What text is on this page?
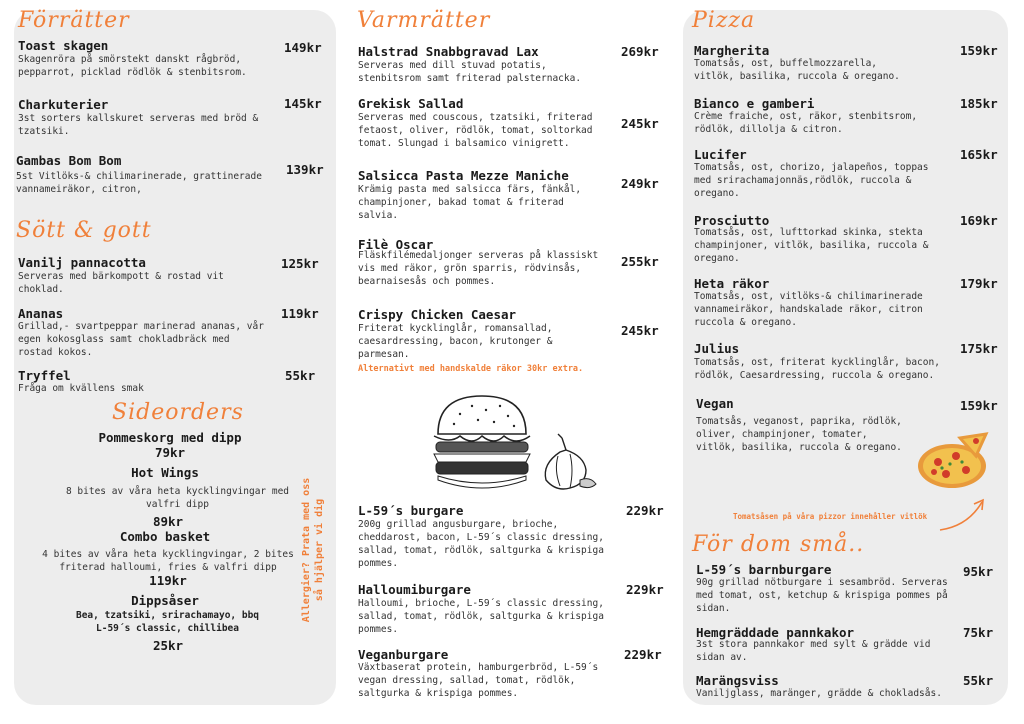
Förrätter
Toast skagen	149kr
Skagenröra på smörstekt danskt rågbröd, pepparrot, picklad rödlök & stenbitsrom.
Charkuterier	145kr
3st sorters kallskuret serveras med bröd & tzatsiki.
Gambas Bom Bom
139kr
5st Vitlöks-& chilimarinerade, grattinerade vannameiräkor, citron,
Sött & gott
Vanilj pannacotta	125kr
Serveras med bärkompott & rostad vit choklad.
Ananas	119kr
Grillad,- svartpeppar marinerad ananas, vår egen kokosglass samt chokladbräck med rostad kokos.
Tryffel	55kr
Fråga om kvällens smak
Sideorders
Pommeskorg med dipp
79kr
Hot Wings
8 bites av våra heta kycklingvingar med valfri dipp
89kr
Combo basket
4 bites av våra heta kycklingvingar, 2 bites friterad halloumi, fries & valfri dipp
119kr
Dippsåser
Bea, tzatsiki, srirachamayo, bbq
L-59´s classic, chillibea
25kr
Allergier? Prata med oss så hjälper vi dig
Varmrätter
Halstrad Snabbgravad Lax	269kr
Serveras med dill stuvad potatis, stenbitsrom samt friterad palsternacka.
Grekisk Sallad
245kr
Serveras med couscous, tzatsiki, friterad fetaost, oliver, rödlök, tomat, soltorkad tomat. Slungad i balsamico vinigrett.
Salsicca Pasta Mezze Maniche
249kr
Krämig pasta med salsicca färs, fänkål, champinjoner, bakad tomat & friterad salvia.
Filè Oscar
255kr
Fläskfilémedaljonger serveras på klassiskt vis med räkor, grön sparris, rödvinsås, bearnaisesås och pommes.
Crispy Chicken Caesar
245kr
Friterat kycklinglår, romansallad, caesardressing, bacon, krutonger & parmesan.
Alternativt med handskalde räkor 30kr extra.
L-59´s burgare	229kr
200g grillad angusburgare, brioche, cheddarost, bacon, L-59´s classic dressing, sallad, tomat, rödlök, saltgurka & krispiga pommes.
Halloumiburgare	229kr
Halloumi, brioche, L-59´s classic dressing, sallad, tomat, rödlök, saltgurka & krispiga pommes.
Veganburgare	229kr
Växtbaserat protein, hamburgerbröd, L-59´s vegan dressing, sallad, tomat, rödlök, saltgurka & krispiga pommes.
Pizza
Margherita	159kr
Tomatsås, ost, buffelmozzarella, vitlök, basilika, ruccola & oregano.
Bianco e gamberi	185kr
Crème fraiche, ost, räkor, stenbitsrom, rödlök, dillolja & citron.
Lucifer	165kr
Tomatsås, ost, chorizo, jalapeños, toppas med srirachamajonnäs,rödlök, ruccola & oregano.
Prosciutto	169kr
Tomatsås, ost, lufttorkad skinka, stekta champinjoner, vitlök, basilika, ruccola & oregano.
Heta räkor	179kr
Tomatsås, ost, vitlöks-& chilimarinerade vannameiräkor, handskalade räkor, citron ruccola & oregano.
Julius	175kr
Tomatsås, ost, friterat kycklinglår, bacon, rödlök, Caesardressing, ruccola & oregano.
Vegan	159kr
Tomatsås, veganost, paprika, rödlök, oliver, champinjoner, tomater, vitlök, basilika, ruccola & oregano.
Tomatsåsen på våra pizzor innehåller vitlök
För dom små..
L-59´s barnburgare	95kr
90g grillad nötburgare i sesambröd. Serveras med tomat, ost, ketchup & krispiga pommes på sidan.
Hemgräddade pannkakor	75kr
3st stora pannkakor med sylt & grädde vid sidan av.
Marängsviss	55kr
Vaniljglass, maränger, grädde & chokladsås.
